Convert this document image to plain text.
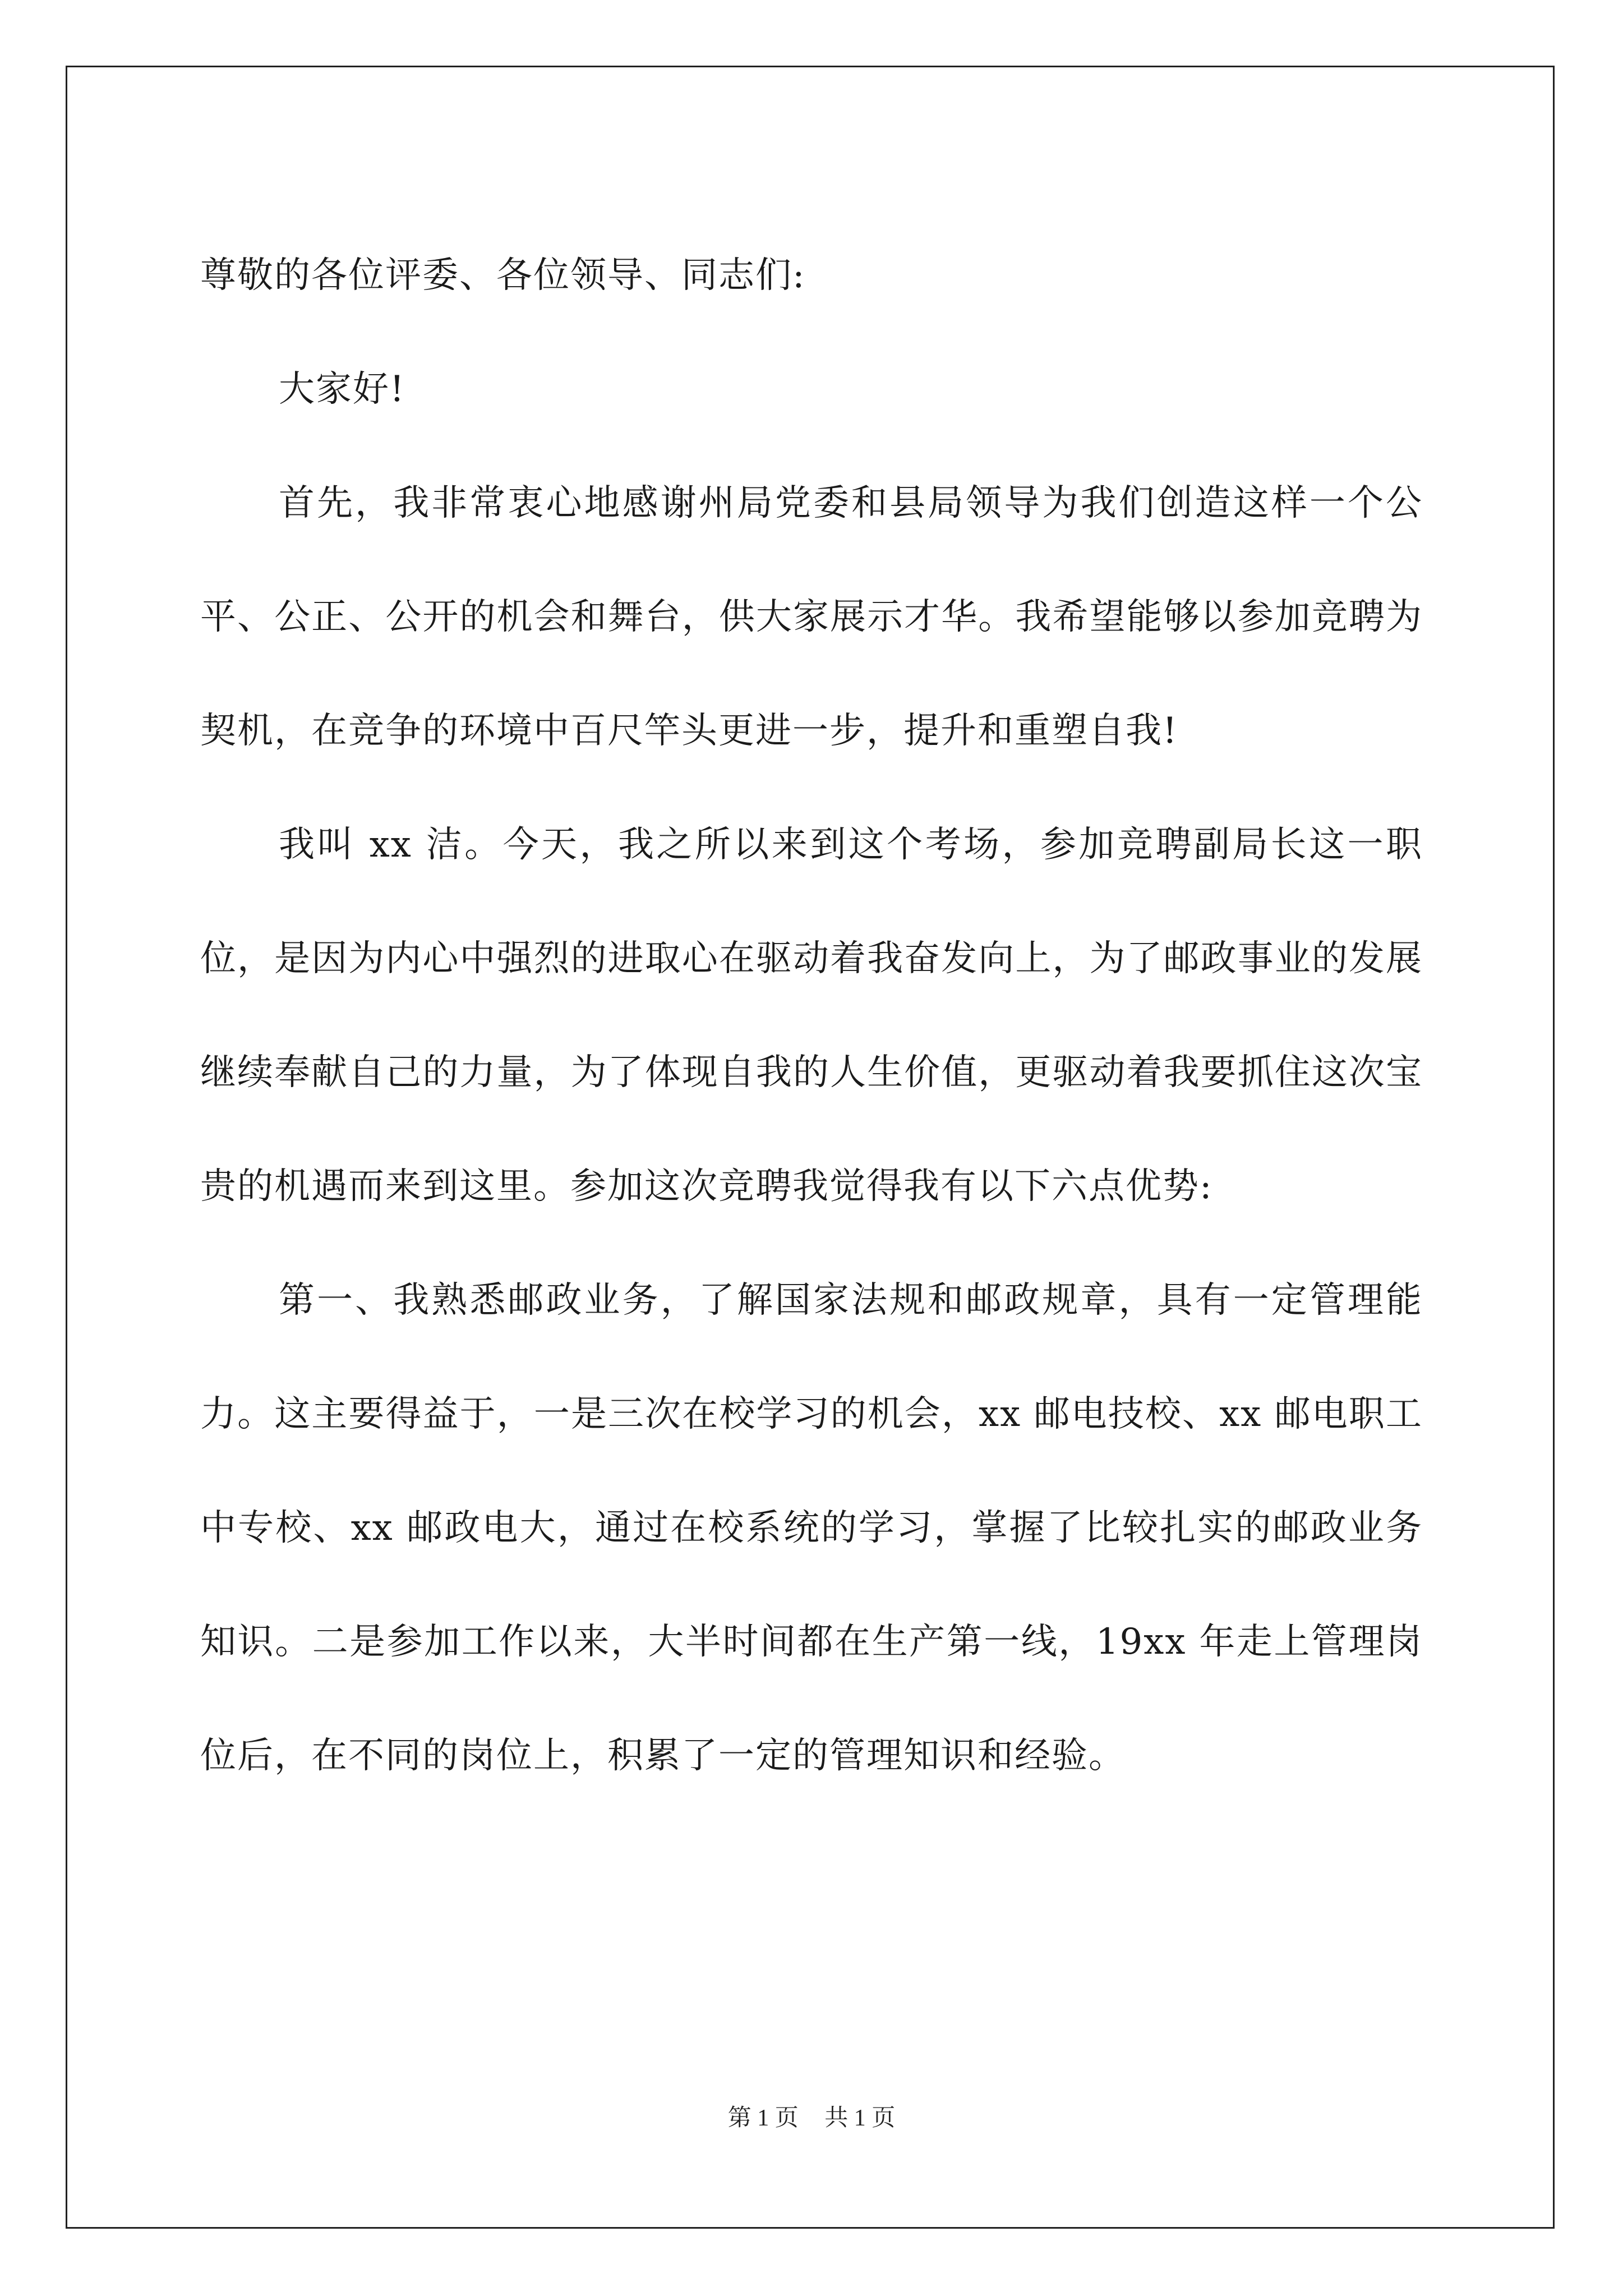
尊敬的各位评委、各位领导、同志们:

大家好!

首先，我非常衷心地感谢州局党委和县局领导为我们创造这样一个公平、公正、公开的机会和舞台，供大家展示才华。我希望能够以参加竞聘为契机，在竞争的环境中百尺竿头更进一步，提升和重塑自我!

我叫 xx 洁。今天，我之所以来到这个考场，参加竞聘副局长这一职位，是因为内心中强烈的进取心在驱动着我奋发向上，为了邮政事业的发展继续奉献自己的力量，为了体现自我的人生价值，更驱动着我要抓住这次宝贵的机遇而来到这里。参加这次竞聘我觉得我有以下六点优势:

第一、我熟悉邮政业务，了解国家法规和邮政规章，具有一定管理能力。这主要得益于，一是三次在校学习的机会，xx 邮电技校、xx 邮电职工中专校、xx 邮政电大，通过在校系统的学习，掌握了比较扎实的邮政业务知识。二是参加工作以来，大半时间都在生产第一线，19xx 年走上管理岗位后，在不同的岗位上，积累了一定的管理知识和经验。

第 1 页 共 1 页
